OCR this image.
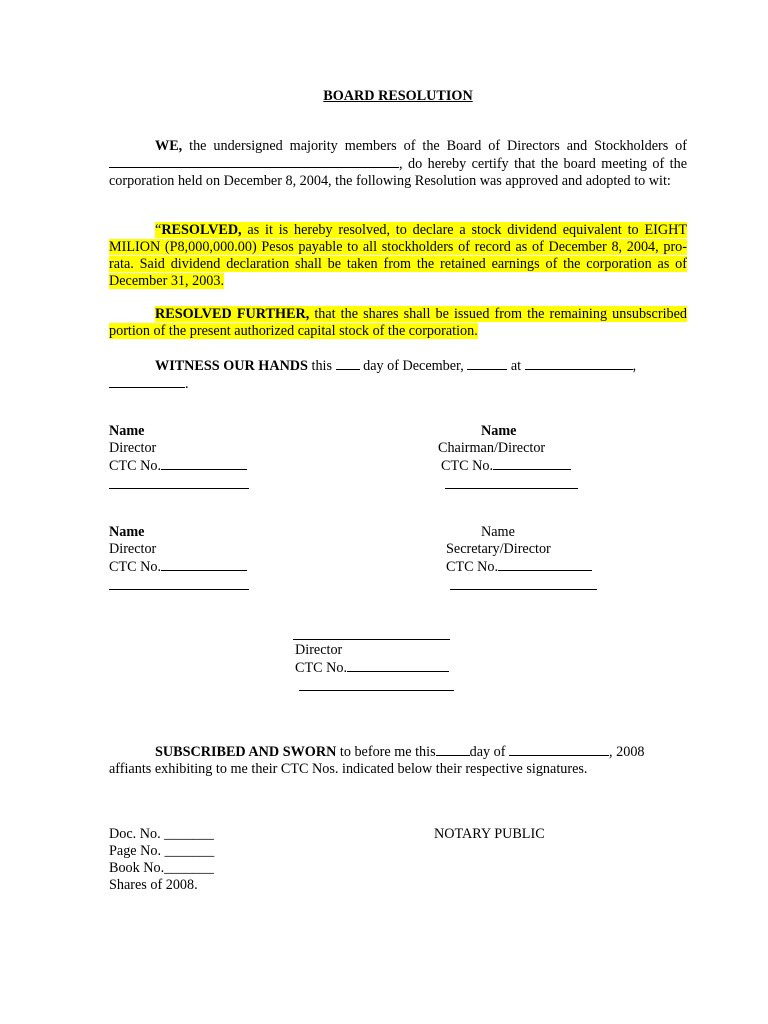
BOARD RESOLUTION
WE, the undersigned majority members of the Board of Directors and Stockholders of, do hereby certify that the board meeting of the corporation held on December 8, 2004, the following Resolution was approved and adopted to wit:
“RESOLVED, as it is hereby resolved, to declare a stock dividend equivalent to EIGHT MILION (P8,000,000.00) Pesos payable to all stockholders of record as of December 8, 2004, pro-rata. Said dividend declaration shall be taken from the retained earnings of the corporation as of December 31, 2003.
RESOLVED FURTHER, that the shares shall be issued from the remaining unsubscribed portion of the present authorized capital stock of the corporation.
WITNESS OUR HANDS this  day of December,	at	,
.
Name
Director
CTC No.
Name
Chairman/Director
CTC No.
Name
Director
CTC No.
Name
Secretary/Director
CTC No.
Director
CTC No.
SUBSCRIBED AND SWORN to before me this day of	, 2008
affiants exhibiting to me their CTC Nos. indicated below their respective signatures.
Doc. No. _______
Page No. _______
Book No._______
Shares of 2008.
NOTARY PUBLIC
